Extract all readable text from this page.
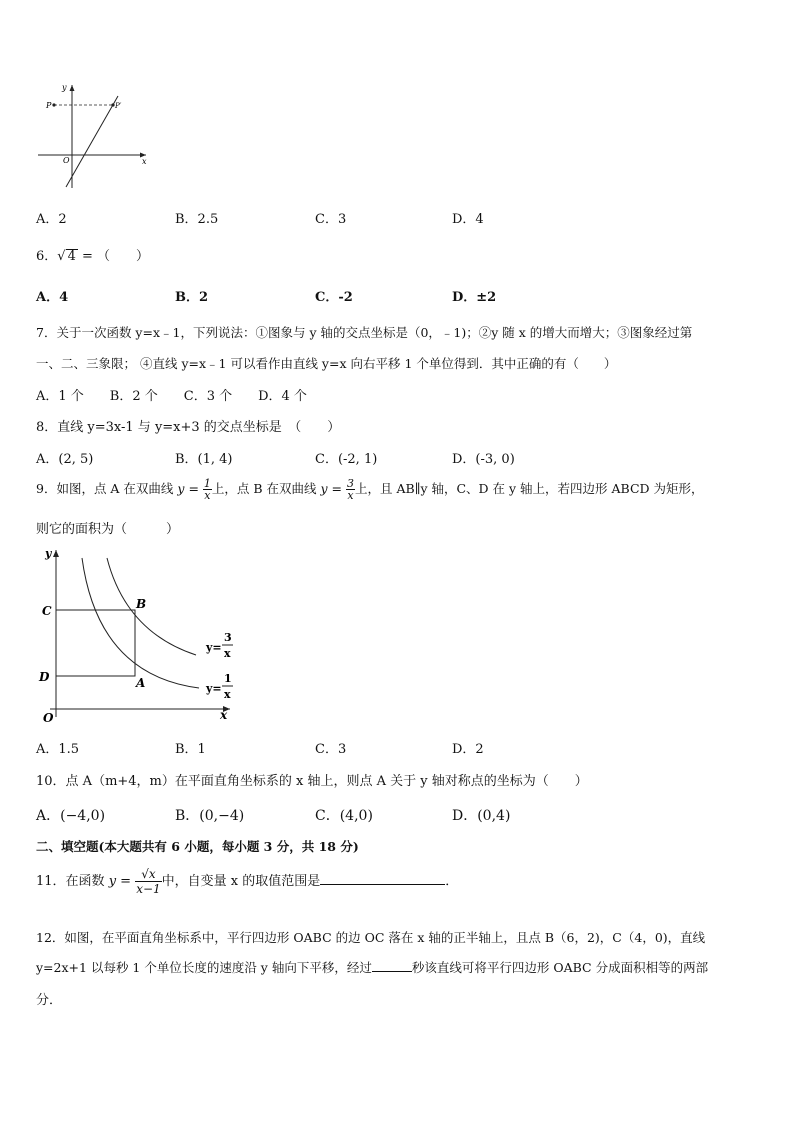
y
x
O
P	P′
A．2	B．2.5	C．3	D．4
6．√ 4 = （　　）
A．4	B．2	C．-2	D．±2
7．关于一次函数 y=x﹣1，下列说法：①图象与 y 轴的交点坐标是（0，﹣1)；②y 随 x 的增大而增大；③图象经过第
一、二、三象限； ④直线 y=x﹣1 可以看作由直线 y=x 向右平移 1 个单位得到．其中正确的有（　　）
A．1 个　　B．2 个　　C．3 个　　D．4 个
8．直线 y=3x-1 与 y=x+3 的交点坐标是　（　　）
A．(2, 5)	B．(1, 4)	C．(-2, 1)	D．(-3, 0)
9．如图，点 A 在双曲线 $y = \frac{1}{x}$ 上，点 B 在双曲线 $y = \frac{3}{x}$ 上，且 AB∥y 轴，C、D 在 y 轴上，若四边形 ABCD 为矩形，
则它的面积为（　　　）
y
x
O
B
C
D	A
y=
3
x
y=
1
x
A．1.5	B．1	C．3	D．2
10．点 A（m+4，m）在平面直角坐标系的 x 轴上，则点 A 关于 y 轴对称点的坐标为（　　）
A．(−4,0)	B．(0,−4)	C．(4,0)	D．(0,4)
二、填空题(本大题共有 6 小题，每小题 3 分，共 18 分)
11．在函数 $y = \frac{√x}{x-1}$ 中，自变量 x 的取值范围是	．
12．如图，在平面直角坐标系中，平行四边形 OABC 的边 OC 落在 x 轴的正半轴上，且点 B（6，2)，C（4，0)，直线
y=2x+1 以每秒 1 个单位长度的速度沿 y 轴向下平移，经过	秒该直线可将平行四边形 OABC 分成面积相等的两部
分．
